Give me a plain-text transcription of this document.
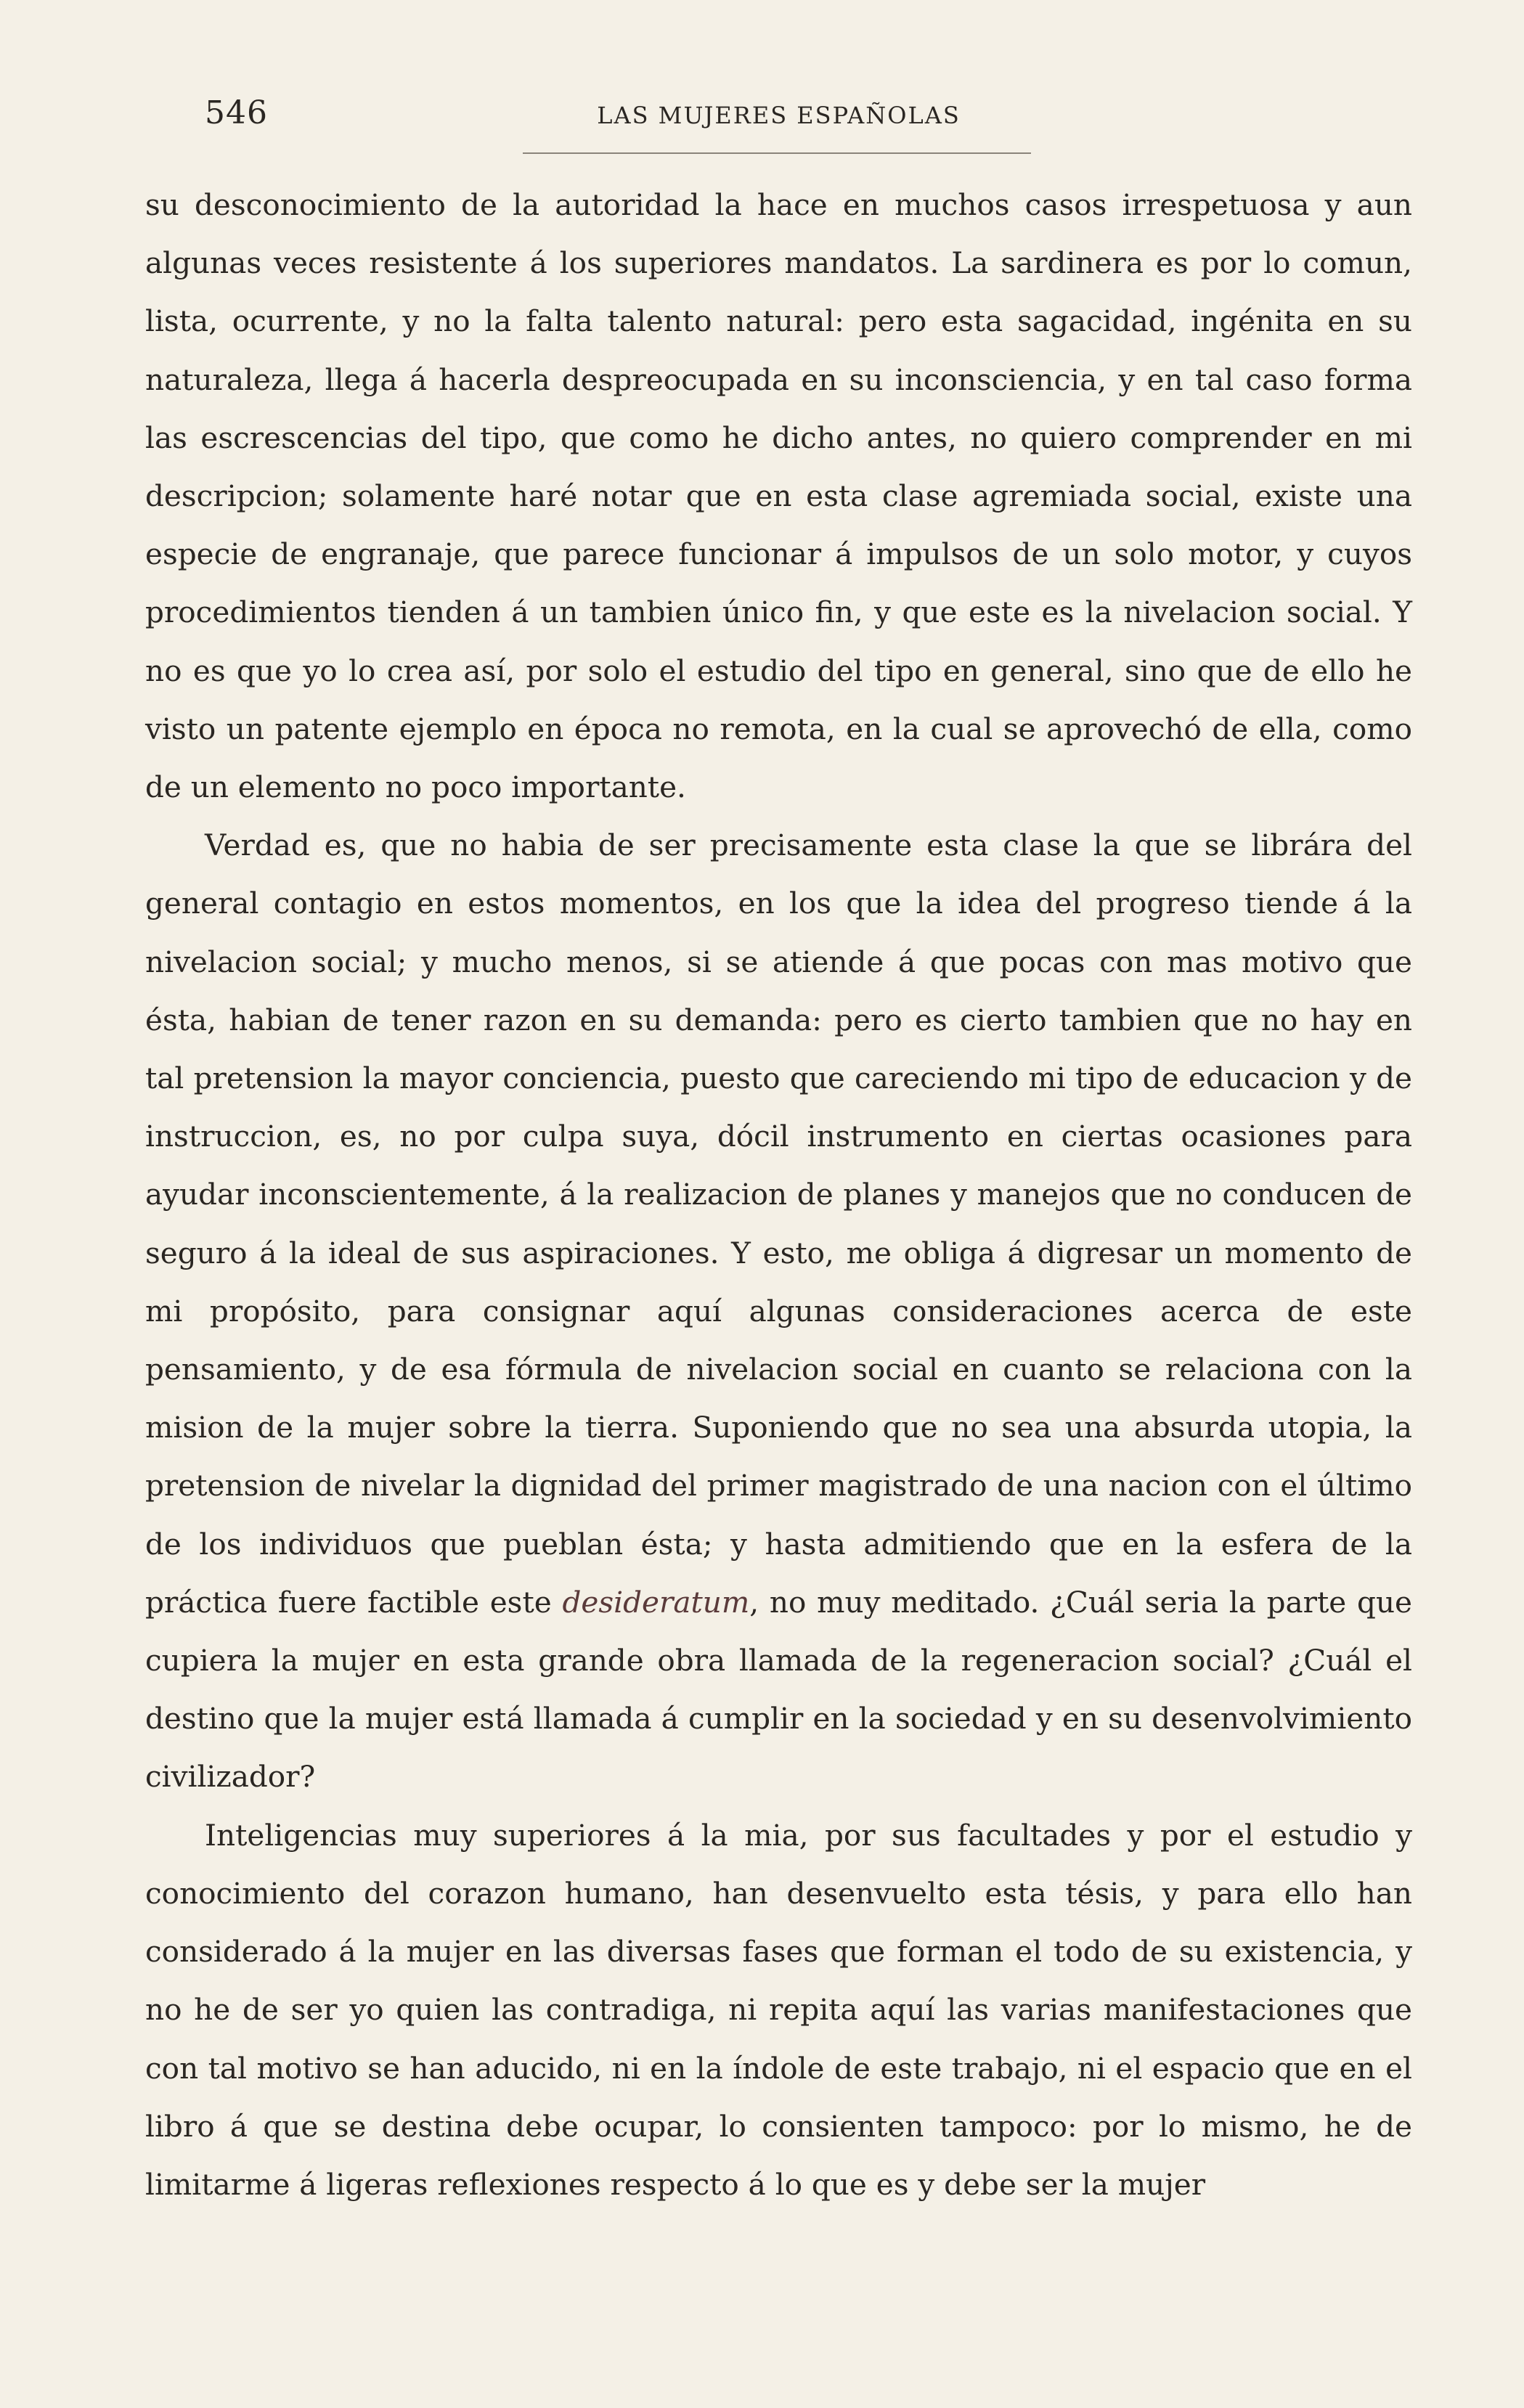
546	LAS MUJERES ESPAÑOLAS

su desconocimiento de la autoridad la hace en muchos casos irrespetuosa y aun algunas veces resistente á los superiores mandatos. La sardinera es por lo comun, lista, ocurrente, y no la falta talento natural: pero esta sagacidad, ingénita en su naturaleza, llega á hacerla despreocupada en su inconsciencia, y en tal caso forma las escrescencias del tipo, que como he dicho antes, no quiero comprender en mi descripcion; solamente haré notar que en esta clase agremiada social, existe una especie de engranaje, que parece funcionar á impulsos de un solo motor, y cuyos procedimientos tienden á un tambien único fin, y que este es la nivelacion social. Y no es que yo lo crea así, por solo el estudio del tipo en general, sino que de ello he visto un patente ejemplo en época no remota, en la cual se aprovechó de ella, como de un elemento no poco importante.

Verdad es, que no habia de ser precisamente esta clase la que se librára del general contagio en estos momentos, en los que la idea del progreso tiende á la nivelacion social; y mucho menos, si se atiende á que pocas con mas motivo que ésta, habian de tener razon en su demanda: pero es cierto tambien que no hay en tal pretension la mayor conciencia, puesto que careciendo mi tipo de educacion y de instruccion, es, no por culpa suya, dócil instrumento en ciertas ocasiones para ayudar inconscientemente, á la realizacion de planes y manejos que no conducen de seguro á la ideal de sus aspiraciones. Y esto, me obliga á digresar un momento de mi propósito, para consignar aquí algunas consideraciones acerca de este pensamiento, y de esa fórmula de nivelacion social en cuanto se relaciona con la mision de la mujer sobre la tierra. Suponiendo que no sea una absurda utopia, la pretension de nivelar la dignidad del primer magistrado de una nacion con el último de los individuos que pueblan ésta; y hasta admitiendo que en la esfera de la práctica fuere factible este desideratum, no muy meditado. ¿Cuál seria la parte que cupiera la mujer en esta grande obra llamada de la regeneracion social? ¿Cuál el destino que la mujer está llamada á cumplir en la sociedad y en su desenvolvimiento civilizador?

Inteligencias muy superiores á la mia, por sus facultades y por el estudio y conocimiento del corazon humano, han desenvuelto esta tésis, y para ello han considerado á la mujer en las diversas fases que forman el todo de su existencia, y no he de ser yo quien las contradiga, ni repita aquí las varias manifestaciones que con tal motivo se han aducido, ni en la índole de este trabajo, ni el espacio que en el libro á que se destina debe ocupar, lo consienten tampoco: por lo mismo, he de limitarme á ligeras reflexiones respecto á lo que es y debe ser la mujer
